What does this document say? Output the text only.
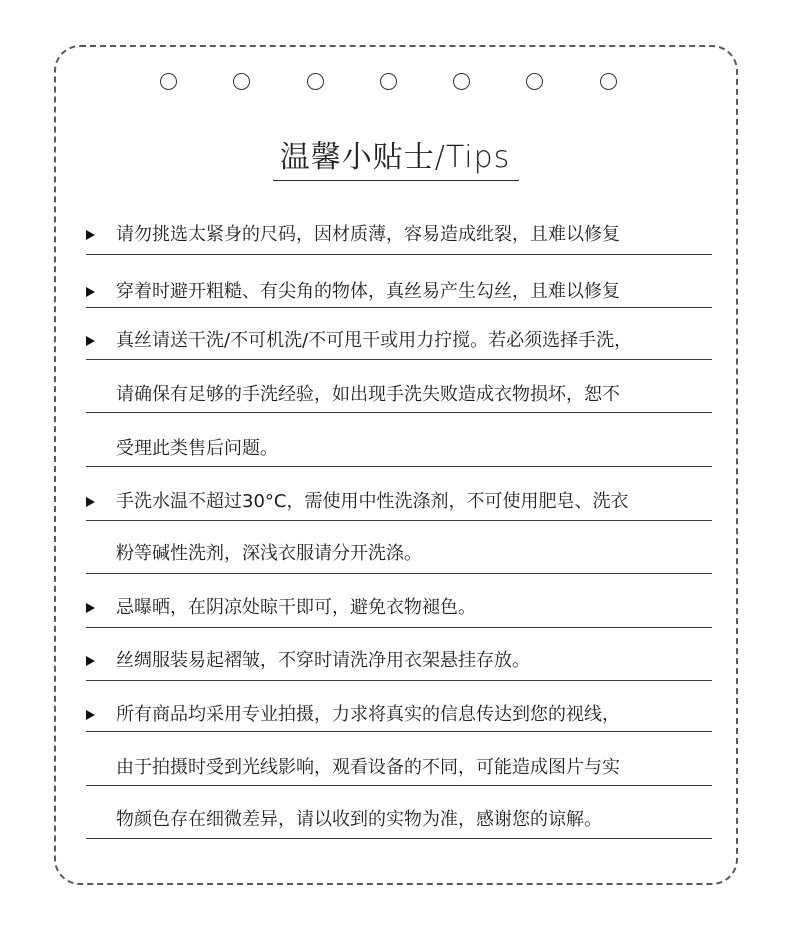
温馨小贴士/Tips
请勿挑选太紧身的尺码，因材质薄，容易造成纰裂，且难以修复
穿着时避开粗糙、有尖角的物体，真丝易产生勾丝，且难以修复
真丝请送干洗/不可机洗/不可甩干或用力拧搅。若必须选择手洗，
请确保有足够的手洗经验，如出现手洗失败造成衣物损坏，恕不
受理此类售后问题。
手洗水温不超过30°C，需使用中性洗涤剂，不可使用肥皂、洗衣
粉等碱性洗剂，深浅衣服请分开洗涤。
忌曝晒，在阴凉处晾干即可，避免衣物褪色。
丝绸服装易起褶皱，不穿时请洗净用衣架悬挂存放。
所有商品均采用专业拍摄，力求将真实的信息传达到您的视线，
由于拍摄时受到光线影响，观看设备的不同，可能造成图片与实
物颜色存在细微差异，请以收到的实物为准，感谢您的谅解。
